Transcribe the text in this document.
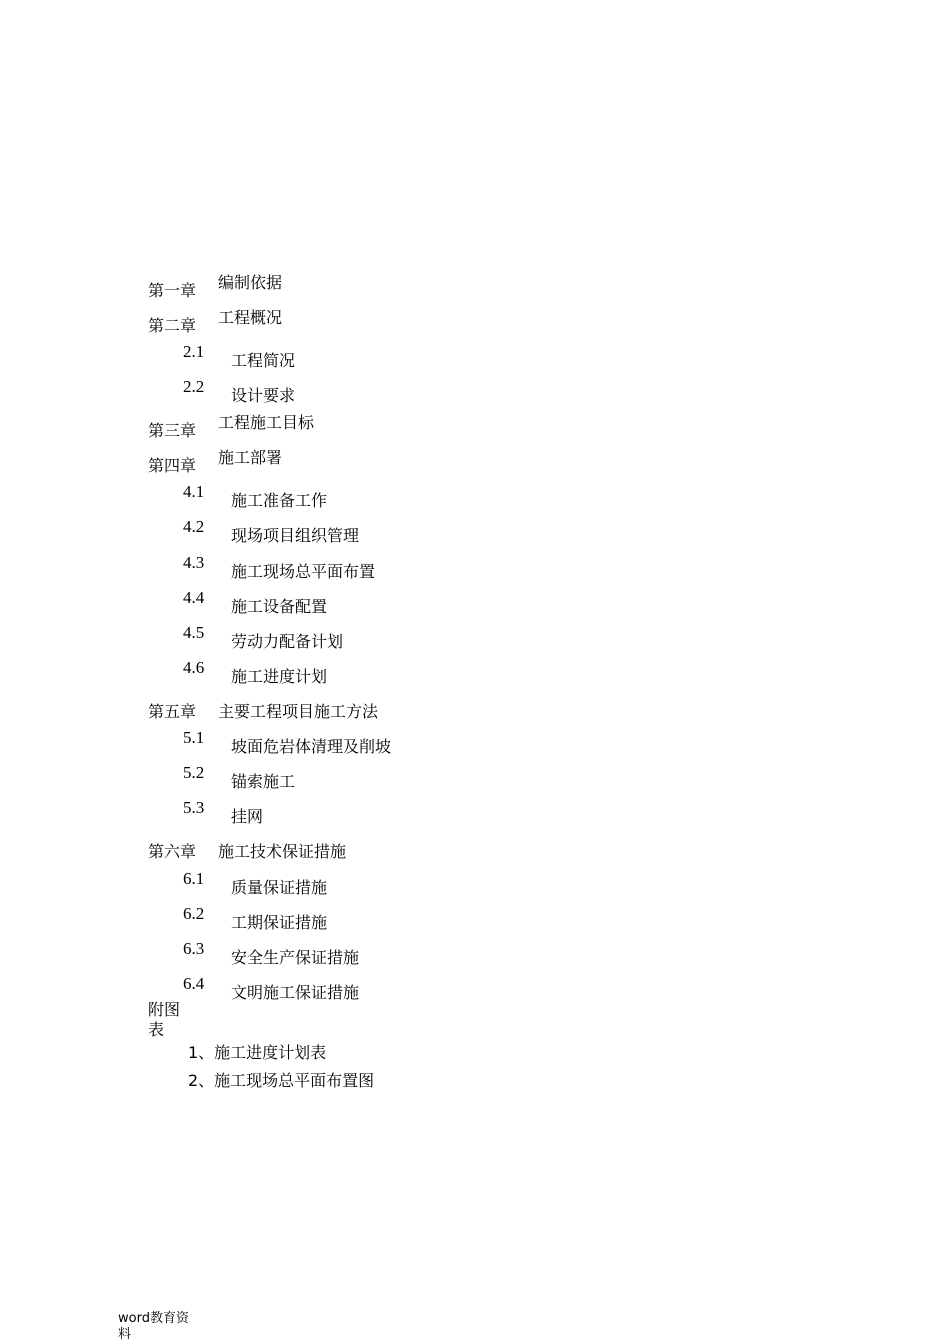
第一章 编制依据
第二章 工程概况
2.1 工程简况
2.2 设计要求
第三章 工程施工目标
第四章 施工部署
4.1 施工准备工作
4.2 现场项目组织管理
4.3 施工现场总平面布置
4.4 施工设备配置
4.5 劳动力配备计划
4.6 施工进度计划
第五章 主要工程项目施工方法
5.1 坡面危岩体清理及削坡
5.2 锚索施工
5.3 挂网
第六章 施工技术保证措施
6.1 质量保证措施
6.2 工期保证措施
6.3 安全生产保证措施
6.4 文明施工保证措施
附图表
1、施工进度计划表
2、施工现场总平面布置图
word教育资料
